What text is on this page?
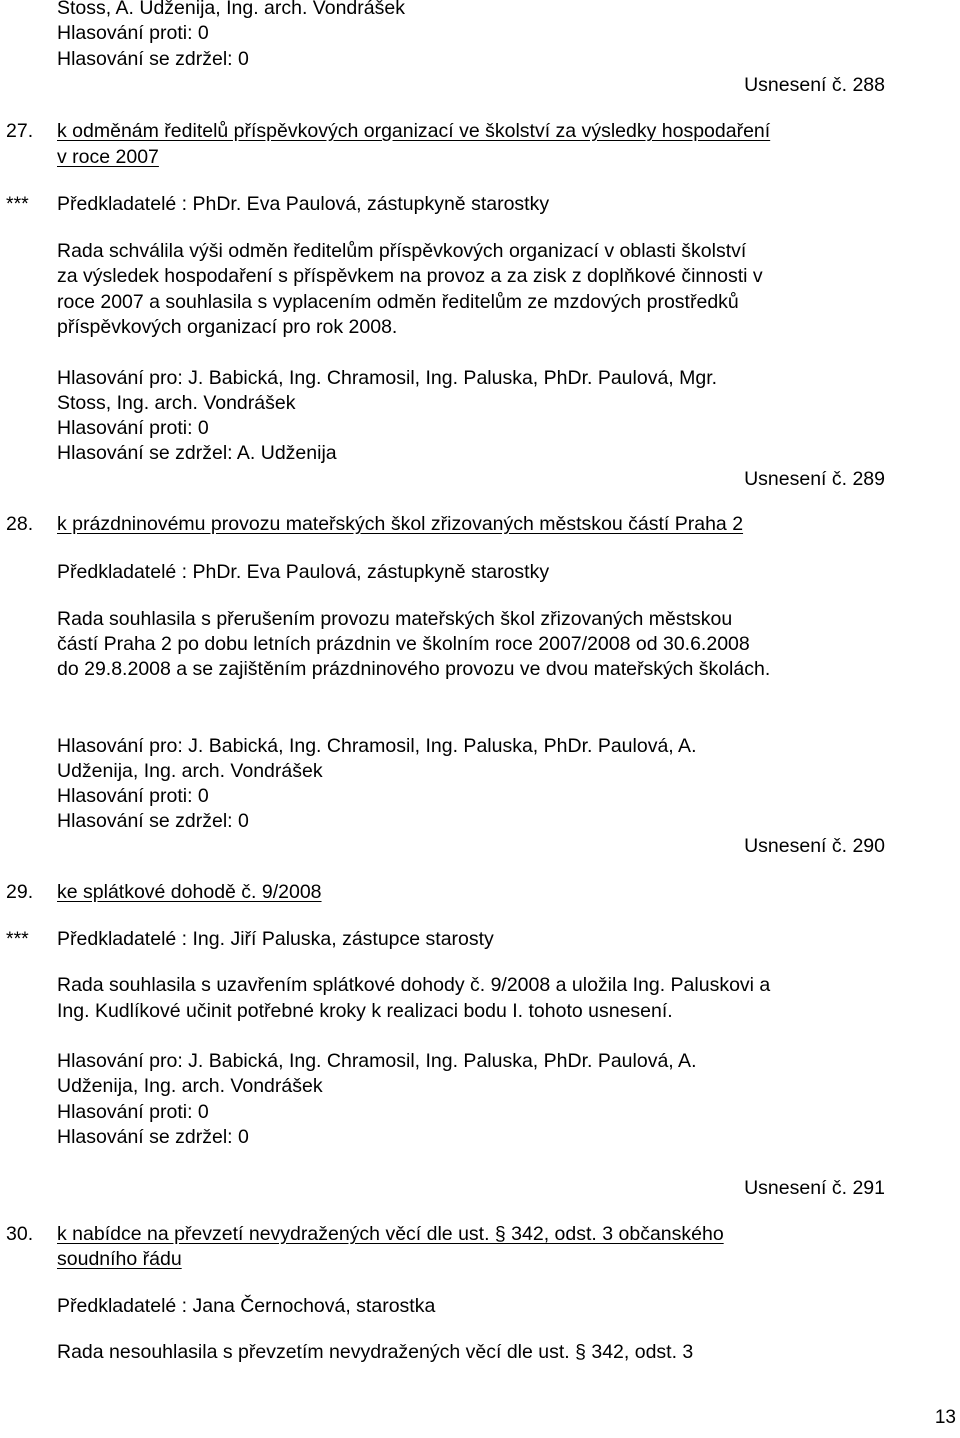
Stoss, A. Udženija, Ing. arch. Vondrášek
Hlasování proti: 0
Hlasování se zdržel: 0
Usnesení č. 288
27. k odměnám ředitelů příspěvkových organizací ve školství za výsledky hospodaření
v roce 2007
*** Předkladatelé : PhDr. Eva Paulová, zástupkyně starostky
Rada schválila výši odměn ředitelům příspěvkových organizací v oblasti školství
za výsledek hospodaření s příspěvkem na provoz a za zisk z doplňkové činnosti v
roce 2007 a souhlasila s vyplacením odměn ředitelům ze mzdových prostředků
příspěvkových organizací pro rok 2008.
Hlasování pro: J. Babická, Ing. Chramosil, Ing. Paluska, PhDr. Paulová, Mgr.
Stoss, Ing. arch. Vondrášek
Hlasování proti: 0
Hlasování se zdržel: A. Udženija
Usnesení č. 289
28. k prázdninovému provozu mateřských škol zřizovaných městskou částí Praha 2
Předkladatelé : PhDr. Eva Paulová, zástupkyně starostky
Rada souhlasila s přerušením provozu mateřských škol zřizovaných městskou
částí Praha 2 po dobu letních prázdnin ve školním roce 2007/2008 od 30.6.2008
do 29.8.2008 a se zajištěním prázdninového provozu ve dvou mateřských školách.
Hlasování pro: J. Babická, Ing. Chramosil, Ing. Paluska, PhDr. Paulová, A.
Udženija, Ing. arch. Vondrášek
Hlasování proti: 0
Hlasování se zdržel: 0
Usnesení č. 290
29. ke splátkové dohodě č. 9/2008
*** Předkladatelé : Ing. Jiří Paluska, zástupce starosty
Rada souhlasila s uzavřením splátkové dohody č. 9/2008 a uložila Ing. Paluskovi a
Ing. Kudlíkové učinit potřebné kroky k realizaci bodu I. tohoto usnesení.
Hlasování pro: J. Babická, Ing. Chramosil, Ing. Paluska, PhDr. Paulová, A.
Udženija, Ing. arch. Vondrášek
Hlasování proti: 0
Hlasování se zdržel: 0
Usnesení č. 291
30. k nabídce na převzetí nevydražených věcí dle ust. § 342, odst. 3 občanského
soudního řádu
Předkladatelé : Jana Černochová, starostka
Rada nesouhlasila s převzetím nevydražených věcí dle ust. § 342, odst. 3
13
